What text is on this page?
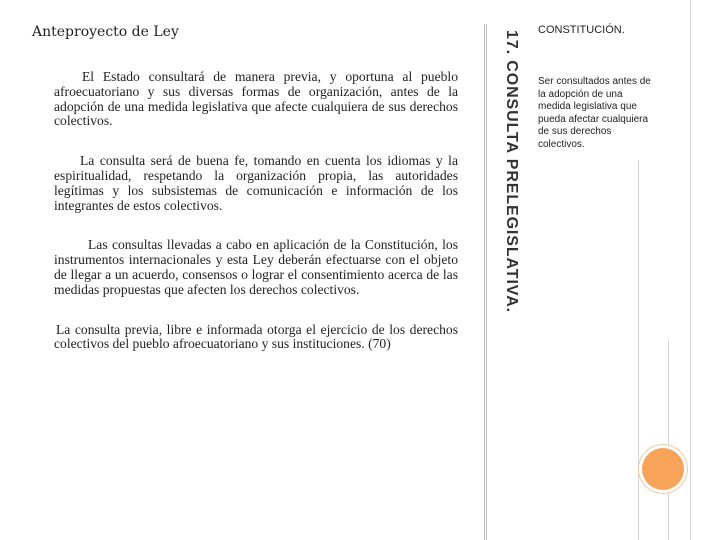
Anteproyecto de Ley

El Estado consultará de manera previa, y oportuna al pueblo afroecuatoriano y sus diversas formas de organización, antes de la adopción de una medida legislativa que afecte cualquiera de sus derechos colectivos.

La consulta será de buena fe, tomando en cuenta los idiomas y la espiritualidad, respetando la organización propia, las autoridades legítimas y los subsistemas de comunicación e información de los integrantes de estos colectivos.

Las consultas llevadas a cabo en aplicación de la Constitución, los instrumentos internacionales y esta Ley deberán efectuarse con el objeto de llegar a un acuerdo, consensos o lograr el consentimiento acerca de las medidas propuestas que afecten los derechos colectivos.

La consulta previa, libre e informada otorga el ejercicio de los derechos colectivos del pueblo afroecuatoriano y sus instituciones. (70)

17. CONSULTA PRELEGISLATIVA. CONSTITUCIÓN.
Ser consultados antes de la adopción de una medida legislativa que pueda afectar cualquiera de sus derechos colectivos.
